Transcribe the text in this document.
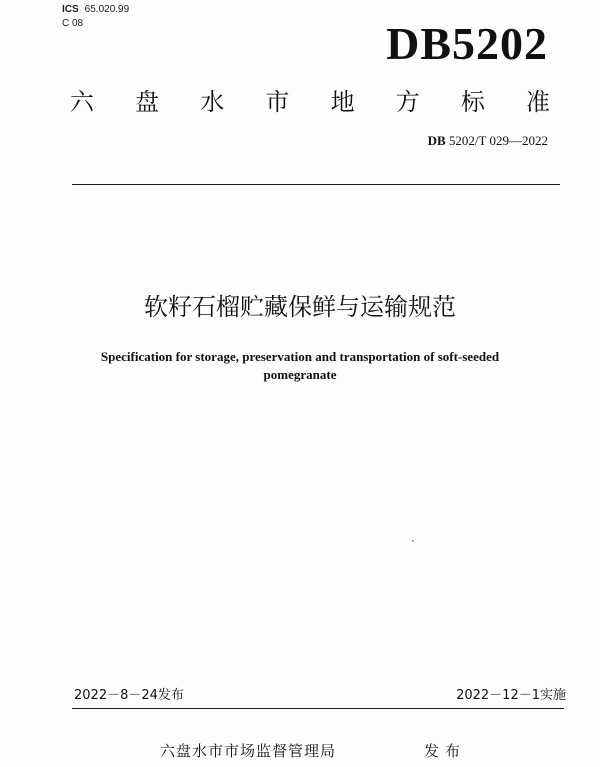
ICS 65.020.99
C 08	DB5202
六 盘 水 市 地 方 标 准
DB 5202/T 029—2022
软籽石榴贮藏保鲜与运输规范
Specification for storage, preservation and transportation of soft-seeded
pomegranate
2022－8－24发布	2022－12－1实施
六盘水市市场监督管理局	发布
